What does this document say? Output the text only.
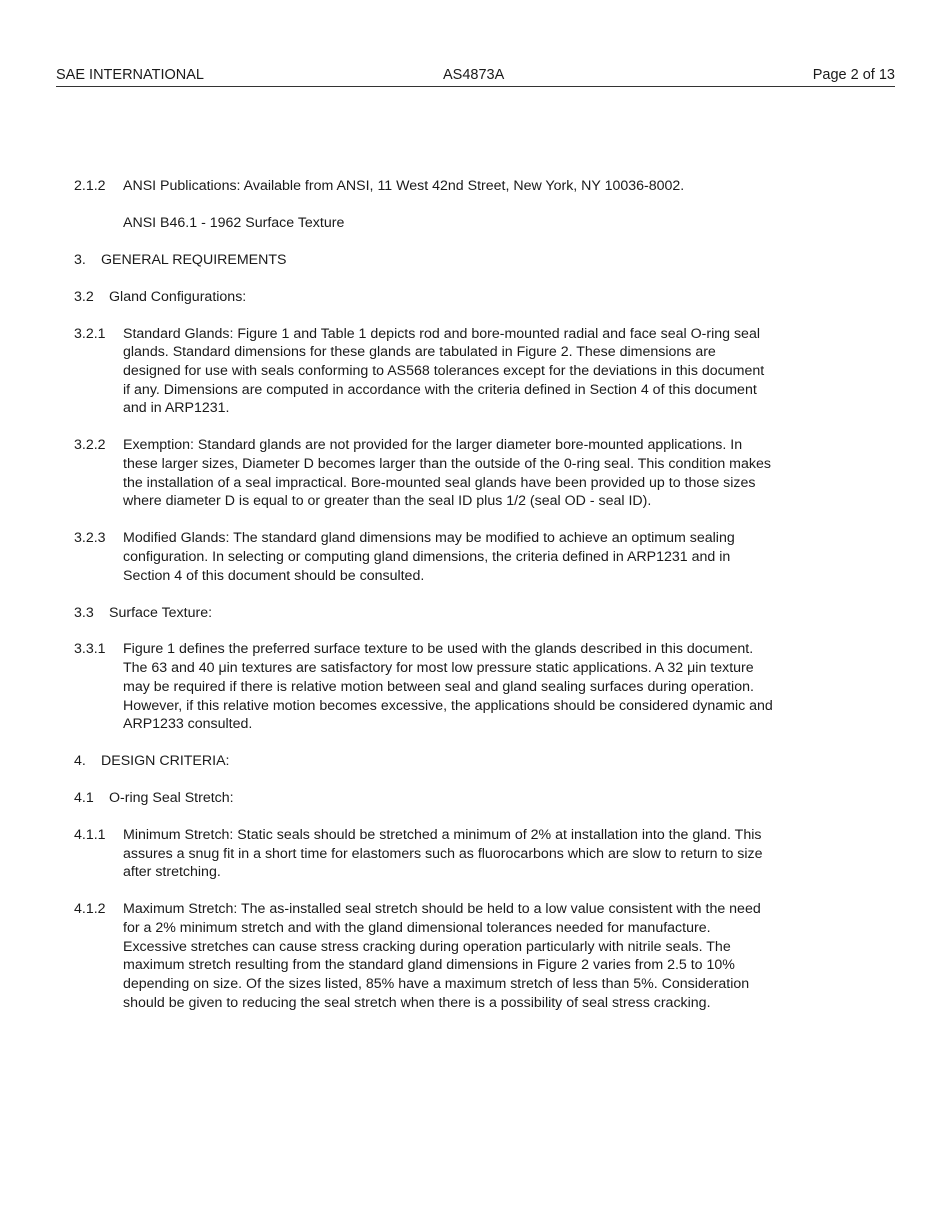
SAE INTERNATIONAL	AS4873A	Page 2 of 13
2.1.2 ANSI Publications: Available from ANSI, 11 West 42nd Street, New York, NY 10036-8002.
ANSI B46.1 - 1962 Surface Texture
3. GENERAL REQUIREMENTS
3.2 Gland Configurations:
3.2.1 Standard Glands: Figure 1 and Table 1 depicts rod and bore-mounted radial and face seal O-ring seal
glands. Standard dimensions for these glands are tabulated in Figure 2. These dimensions are
designed for use with seals conforming to AS568 tolerances except for the deviations in this document
if any. Dimensions are computed in accordance with the criteria defined in Section 4 of this document
and in ARP1231.
3.2.2 Exemption: Standard glands are not provided for the larger diameter bore-mounted applications. In
these larger sizes, Diameter D becomes larger than the outside of the 0-ring seal. This condition makes
the installation of a seal impractical. Bore-mounted seal glands have been provided up to those sizes
where diameter D is equal to or greater than the seal ID plus 1/2 (seal OD - seal ID).
3.2.3 Modified Glands: The standard gland dimensions may be modified to achieve an optimum sealing
configuration. In selecting or computing gland dimensions, the criteria defined in ARP1231 and in
Section 4 of this document should be consulted.
3.3 Surface Texture:
3.3.1 Figure 1 defines the preferred surface texture to be used with the glands described in this document.
The 63 and 40 μin textures are satisfactory for most low pressure static applications. A 32 μin texture
may be required if there is relative motion between seal and gland sealing surfaces during operation.
However, if this relative motion becomes excessive, the applications should be considered dynamic and
ARP1233 consulted.
4. DESIGN CRITERIA:
4.1 O-ring Seal Stretch:
4.1.1 Minimum Stretch: Static seals should be stretched a minimum of 2% at installation into the gland. This
assures a snug fit in a short time for elastomers such as fluorocarbons which are slow to return to size
after stretching.
4.1.2 Maximum Stretch: The as-installed seal stretch should be held to a low value consistent with the need
for a 2% minimum stretch and with the gland dimensional tolerances needed for manufacture.
Excessive stretches can cause stress cracking during operation particularly with nitrile seals. The
maximum stretch resulting from the standard gland dimensions in Figure 2 varies from 2.5 to 10%
depending on size. Of the sizes listed, 85% have a maximum stretch of less than 5%. Consideration
should be given to reducing the seal stretch when there is a possibility of seal stress cracking.
